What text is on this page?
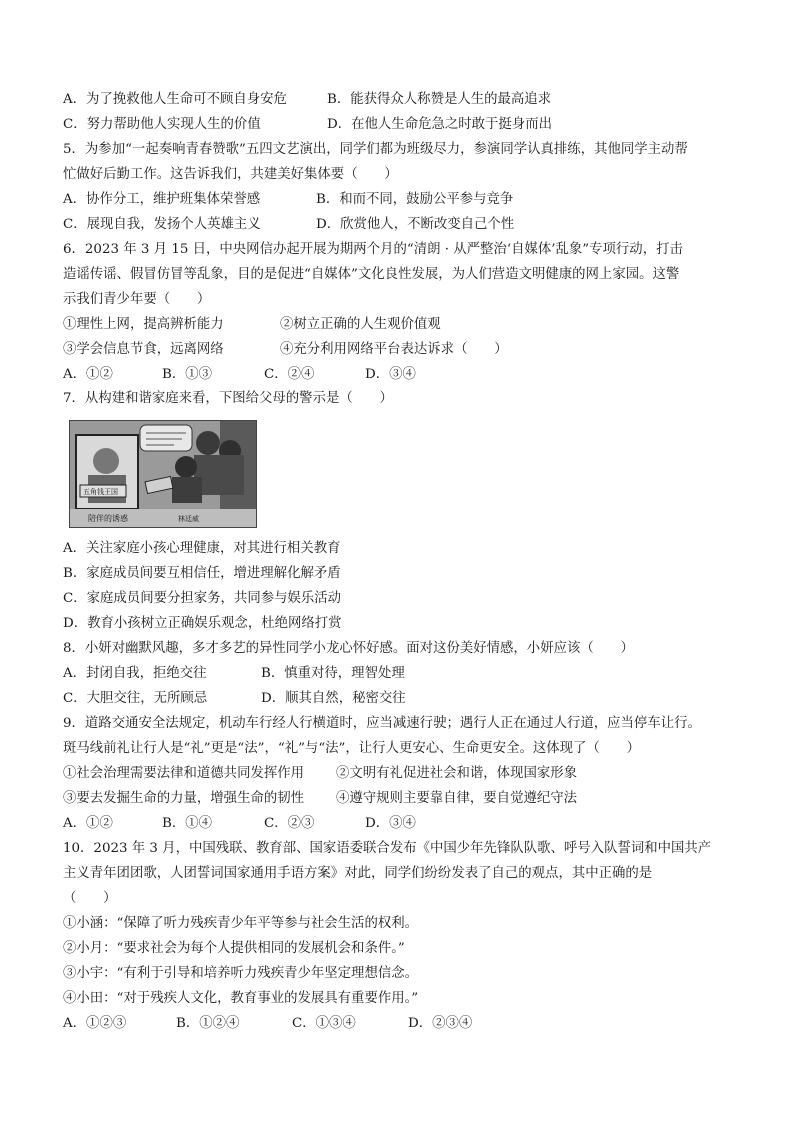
A．为了挽救他人生命可不顾自身安危	B．能获得众人称赞是人生的最高追求
C．努力帮助他人实现人生的价值	D．在他人生命危急之时敢于挺身而出
5．为参加“一起奏响青春赞歌”五四文艺演出，同学们都为班级尽力，参演同学认真排练，其他同学主动帮
忙做好后勤工作。这告诉我们，共建美好集体要（　　）
A．协作分工，维护班集体荣誉感	B．和而不同，鼓励公平参与竞争
C．展现自我，发扬个人英雄主义	D．欣赏他人，不断改变自己个性
6．2023 年 3 月 15 日，中央网信办起开展为期两个月的“清朗 · 从严整治‘自媒体’乱象”专项行动，打击
造谣传谣、假冒仿冒等乱象，目的是促进“自媒体”文化良性发展，为人们营造文明健康的网上家园。这警
示我们青少年要（　　）
①理性上网，提高辨析能力	②树立正确的人生观价值观
③学会信息节食，远离网络	④充分利用网络平台表达诉求（　　）
A．①②	B．①③	C．②④	D．③④
7．从构建和谐家庭来看，下图给父母的警示是（　　）
五角钱王国
陪伴的诱惑	林廷威
A．关注家庭小孩心理健康，对其进行相关教育
B．家庭成员间要互相信任，增进理解化解矛盾
C．家庭成员间要分担家务，共同参与娱乐活动
D．教育小孩树立正确娱乐观念，杜绝网络打赏
8．小妍对幽默风趣，多才多艺的异性同学小龙心怀好感。面对这份美好情感，小妍应该（　　）
A．封闭自我，拒绝交往	B．慎重对待，理智处理
C．大胆交往，无所顾忌	D．顺其自然，秘密交往
9．道路交通安全法规定，机动车行经人行横道时，应当减速行驶；遇行人正在通过人行道，应当停车让行。
斑马线前礼让行人是“礼”更是“法”，“礼”与“法”，让行人更安心、生命更安全。这体现了（　　）
①社会治理需要法律和道德共同发挥作用 ②文明有礼促进社会和谐，体现国家形象
③要去发掘生命的力量，增强生命的韧性 ④遵守规则主要靠自律，要自觉遵纪守法
A．①②	B．①④	C．②③	D．③④
10．2023 年 3 月，中国残联、教育部、国家语委联合发布《中国少年先锋队队歌、呼号入队誓词和中国共产
主义青年团团歌，人团誓词国家通用手语方案》对此，同学们纷纷发表了自己的观点，其中正确的是
（　　）
①小涵：“保障了听力残疾青少年平等参与社会生活的权利。
②小月：“要求社会为每个人提供相同的发展机会和条件。”
③小宇：“有利于引导和培养听力残疾青少年坚定理想信念。
④小田：“对于残疾人文化，教育事业的发展具有重要作用。”
A．①②③	B．①②④	C．①③④	D．②③④
